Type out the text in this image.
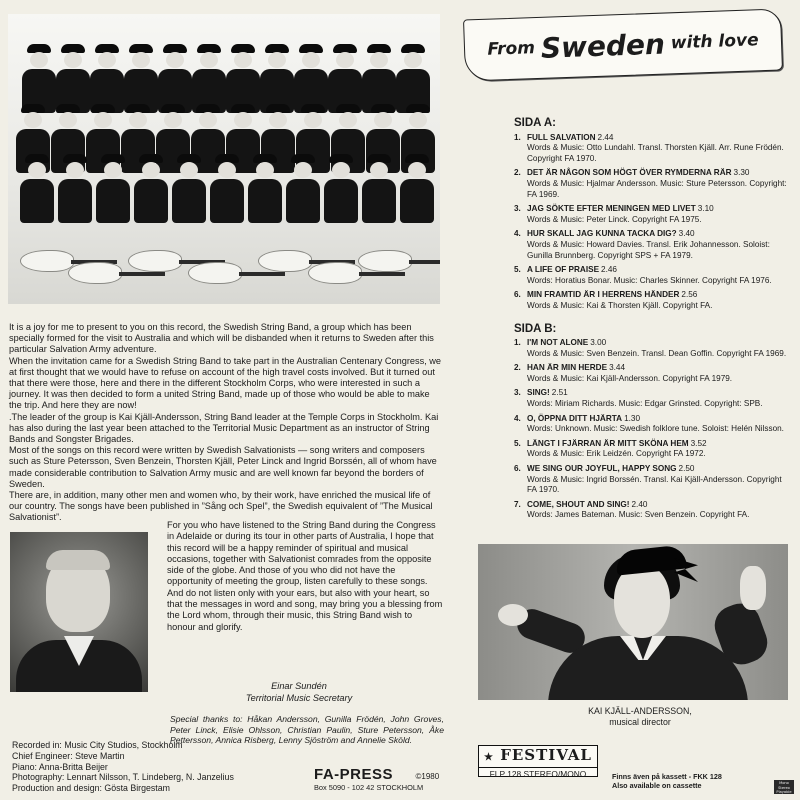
From Sweden with love
SIDA A:
1. FULL SALVATION 2.44
Words & Music: Otto Lundahl. Transl. Thorsten Kjäll. Arr. Rune Frödén. Copyright FA 1970.
2. DET ÄR NÅGON SOM HÖGT ÖVER RYMDERNA RÄR 3.30
Words & Music: Hjalmar Andersson. Music: Sture Petersson. Copyright: FA 1969.
3. JAG SÖKTE EFTER MENINGEN MED LIVET 3.10
Words & Music: Peter Linck. Copyright FA 1975.
4. HUR SKALL JAG KUNNA TACKA DIG? 3.40
Words & Music: Howard Davies. Transl. Erik Johannesson. Soloist: Gunilla Brunnberg. Copyright SPS + FA 1979.
5. A LIFE OF PRAISE 2.46
Words: Horatius Bonar. Music: Charles Skinner. Copyright FA 1976.
6. MIN FRAMTID ÄR I HERRENS HÄNDER 2.56
Words & Music: Kai & Thorsten Kjäll. Copyright FA.
SIDA B:
1. I'M NOT ALONE 3.00
Words & Music: Sven Benzein. Transl. Dean Goffin. Copyright FA 1969.
2. HAN ÄR MIN HERDE 3.44
Words & Music: Kai Kjäll-Andersson. Copyright FA 1979.
3. SING! 2.51
Words: Miriam Richards. Music: Edgar Grinsted. Copyright: SPB.
4. O, ÖPPNA DITT HJÄRTA 1.30
Words: Unknown. Music: Swedish folklore tune. Soloist: Helén Nilsson.
5. LÄNGT I FJÄRRAN ÄR MITT SKÖNA HEM 3.52
Words & Music: Erik Leidzén. Copyright FA 1972.
6. WE SING OUR JOYFUL, HAPPY SONG 2.50
Words & Music: Ingrid Borssén. Transl. Kai Kjäll-Andersson. Copyright FA 1970.
7. COME, SHOUT AND SING! 2.40
Words: James Bateman. Music: Sven Benzein. Copyright FA.

It is a joy for me to present to you on this record, the Swedish String Band, a group which has been specially formed for the visit to Australia and which will be disbanded when it returns to Sweden after this particular Salvation Army adventure.

When the invitation came for a Swedish String Band to take part in the Australian Centenary Congress, we at first thought that we would have to refuse on account of the high travel costs involved. But it turned out that there were those, here and there in the different Stockholm Corps, who were interested in such a journey. It was then decided to form a united String Band, made up of those who would be able to make the trip. And here they are now!

.The leader of the group is Kai Kjäll-Andersson, String Band leader at the Temple Corps in Stockholm. Kai has also during the last year been attached to the Territorial Music Department as an instructor of String Bands and Songster Brigades.

Most of the songs on this record were written by Swedish Salvationists — song writers and composers such as Sture Petersson, Sven Benzein, Thorsten Kjäll, Peter Linck and Ingrid Borssén, all of whom have made considerable contribution to Salvation Army music and are well known far beyond the borders of Sweden.

There are, in addition, many other men and women who, by their work, have enriched the musical life of our country. The songs have been published in ”Sång och Spel”, the Swedish equivalent of ”The Musical Salvationist”.

For you who have listened to the String Band during the Congress in Adelaide or during its tour in other parts of Australia, I hope that this record will be a happy reminder of spiritual and musical occasions, together with Salvationist comrades from the opposite side of the globe. And those of you who did not have the opportunity of meeting the group, listen carefully to these songs. And do not listen only with your ears, but also with your heart, so that the messages in word and song, may bring you a blessing from the Lord whom, through their music, this String Band wish to honour and glorify.
Einar Sundén
Territorial Music Secretary
Special thanks to: Håkan Andersson, Gunilla Frödén, John Groves, Peter Linck, Elisie Ohlsson, Christian Paulin, Sture Petersson, Åke Pettersson, Annica Risberg, Lenny Sjöström and Annelie Sköld.
Recorded in: Music City Studios, Stockholm
Chief Engineer: Steve Martin
Piano: Anna-Britta Beijer
Photography: Lennart Nilsson, T. Lindeberg, N. Janzelius
Production and design: Gösta Birgestam
FA-PRESS	©1980
Box 5090 - 102 42 STOCKHOLM
KAI KJÄLL-ANDERSSON,
musical director
★ FESTIVAL
FLP 128 STEREO/MONO	Finns även på kassett - FKK 128
Also available on cassette	Mono Stereo Playable
